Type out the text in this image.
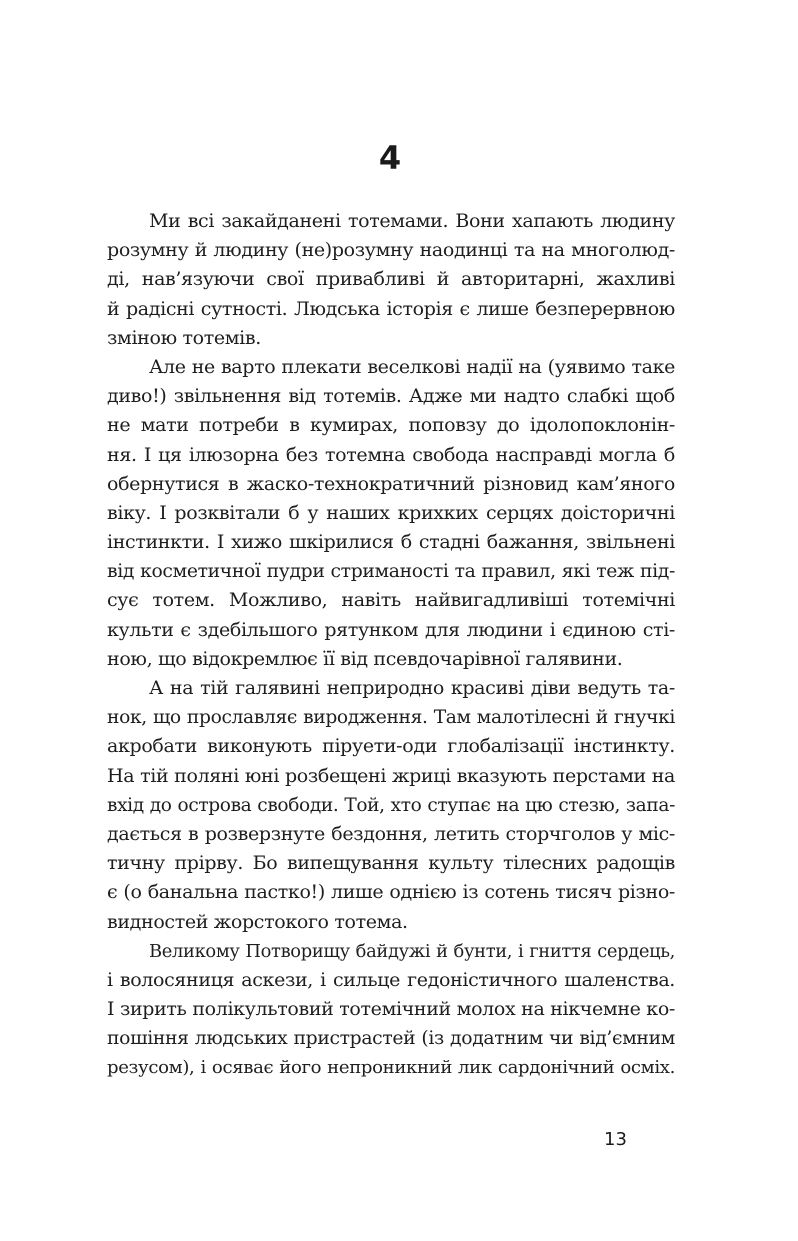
4
Ми всі закайданені тотемами. Вони хапають людину
розумну й людину (не)розумну наодинці та на многолюд-
ді, нав’язуючи свої привабливі й авторитарні, жахливі
й радісні сутності. Людська історія є лише безперервною
зміною тотемів.
Але не варто плекати веселкові надії на (уявимо таке
диво!) звільнення від тотемів. Адже ми надто слабкі щоб
не мати потреби в кумирах, поповзу до ідолопоклонін-
ня. І ця ілюзорна без тотемна свобода насправді могла б
обернутися в жаско-технократичний різновид кам’яного
віку. І розквітали б у наших крихких серцях доісторичні
інстинкти. І хижо шкірилися б стадні бажання, звільнені
від косметичної пудри стриманості та правил, які теж під-
сує тотем. Можливо, навіть найвигадливіші тотемічні
культи є здебільшого рятунком для людини і єдиною сті-
ною, що відокремлює її від псевдочарівної галявини.
А на тій галявині неприродно красиві діви ведуть та-
нок, що прославляє виродження. Там малотілесні й гнучкі
акробати виконують піруети-оди глобалізації інстинкту.
На тій поляні юні розбещені жриці вказують перстами на
вхід до острова свободи. Той, хто ступає на цю стезю, запа-
дається в розверзнуте бездоння, летить сторчголов у міс-
тичну прірву. Бо випещування культу тілесних радощів
є (о банальна пастко!) лише однією із сотень тисяч різно-
видностей жорстокого тотема.
Великому Потворищу байдужі й бунти, і гниття сердець,
і волосяниця аскези, і сильце гедоністичного шаленства.
І зирить полікультовий тотемічний молох на нікчемне ко-
пошіння людських пристрастей (із додатним чи від’ємним
резусом), і осяває його непроникний лик сардонічний осміх.
13
